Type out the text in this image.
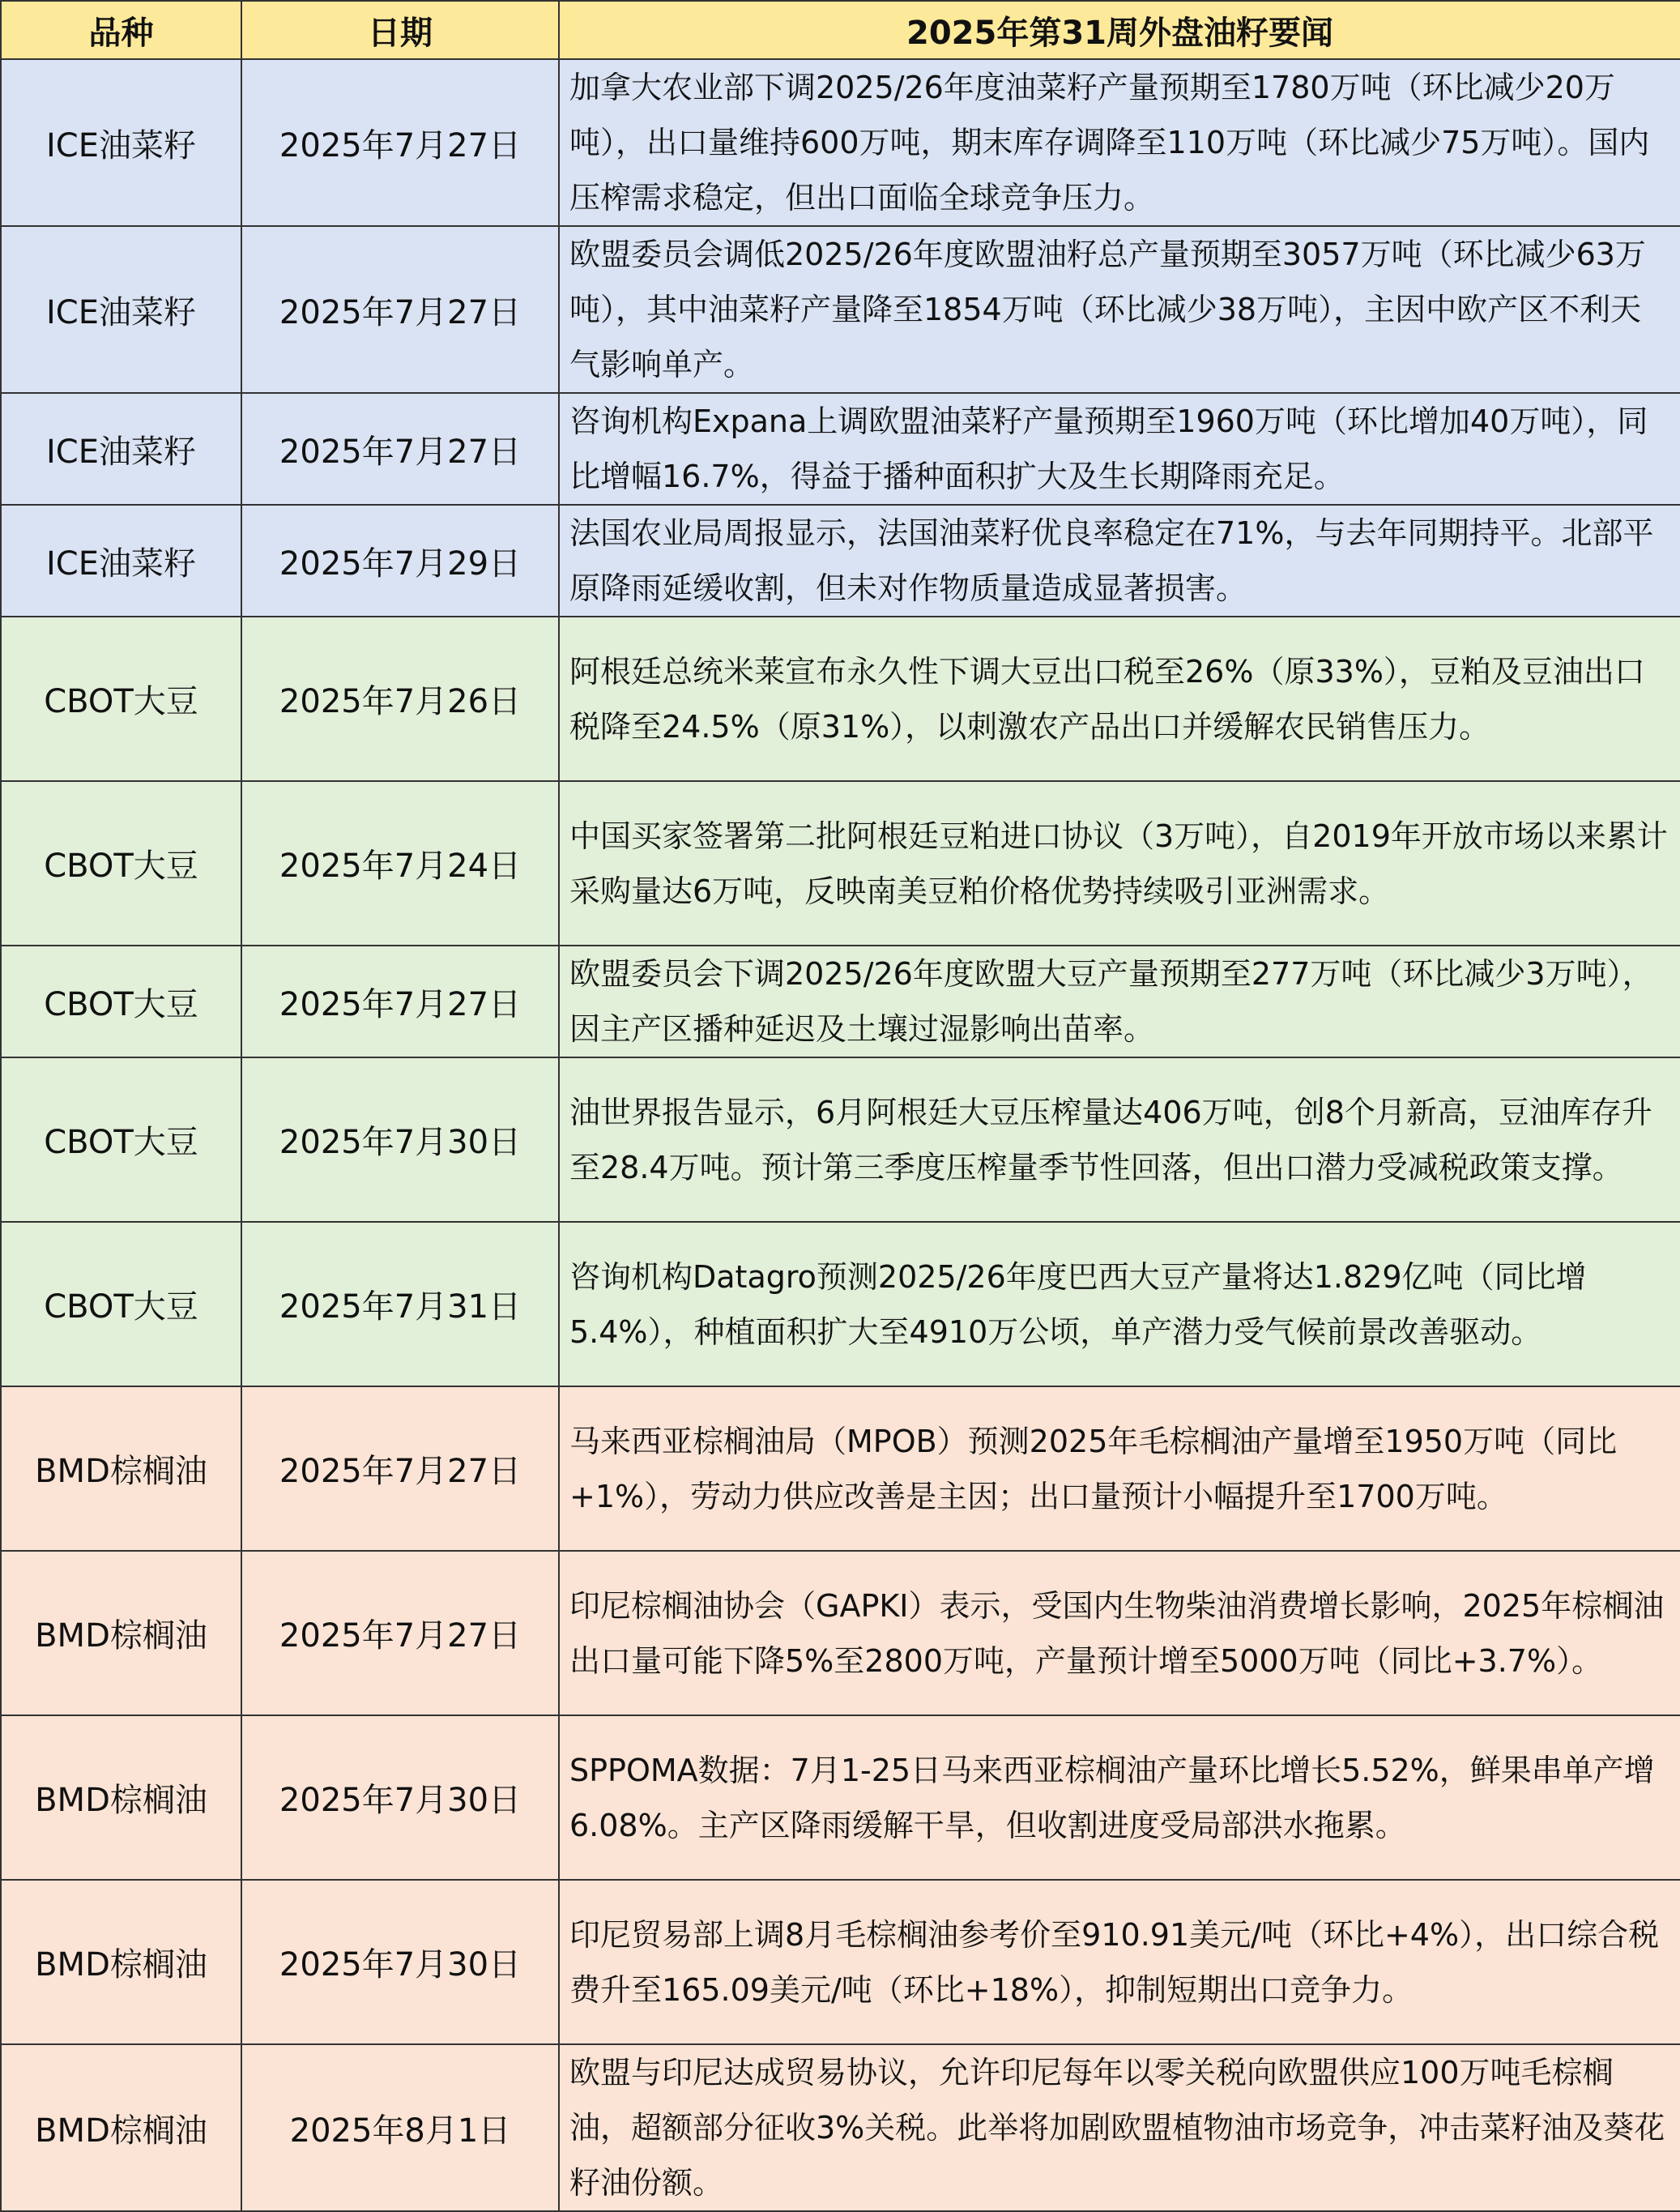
品种	日期	2025年第31周外盘油籽要闻
ICE油菜籽	2025年7月27日	加拿大农业部下调2025/26年度油菜籽产量预期至1780万吨（环比减少20万吨），出口量维持600万吨，期末库存调降至110万吨（环比减少75万吨）。国内压榨需求稳定，但出口面临全球竞争压力。
ICE油菜籽	2025年7月27日	欧盟委员会调低2025/26年度欧盟油籽总产量预期至3057万吨（环比减少63万吨），其中油菜籽产量降至1854万吨（环比减少38万吨），主因中欧产区不利天气影响单产。
ICE油菜籽	2025年7月27日	咨询机构Expana上调欧盟油菜籽产量预期至1960万吨（环比增加40万吨），同比增幅16.7%，得益于播种面积扩大及生长期降雨充足。
ICE油菜籽	2025年7月29日	法国农业局周报显示，法国油菜籽优良率稳定在71%，与去年同期持平。北部平原降雨延缓收割，但未对作物质量造成显著损害。
CBOT大豆	2025年7月26日	阿根廷总统米莱宣布永久性下调大豆出口税至26%（原33%），豆粕及豆油出口税降至24.5%（原31%），以刺激农产品出口并缓解农民销售压力。
CBOT大豆	2025年7月24日	中国买家签署第二批阿根廷豆粕进口协议（3万吨），自2019年开放市场以来累计采购量达6万吨，反映南美豆粕价格优势持续吸引亚洲需求。
CBOT大豆	2025年7月27日	欧盟委员会下调2025/26年度欧盟大豆产量预期至277万吨（环比减少3万吨），因主产区播种延迟及土壤过湿影响出苗率。
CBOT大豆	2025年7月30日	油世界报告显示，6月阿根廷大豆压榨量达406万吨，创8个月新高，豆油库存升至28.4万吨。预计第三季度压榨量季节性回落，但出口潜力受减税政策支撑。
CBOT大豆	2025年7月31日	咨询机构Datagro预测2025/26年度巴西大豆产量将达1.829亿吨（同比增5.4%），种植面积扩大至4910万公顷，单产潜力受气候前景改善驱动。
BMD棕榈油	2025年7月27日	马来西亚棕榈油局（MPOB）预测2025年毛棕榈油产量增至1950万吨（同比+1%），劳动力供应改善是主因；出口量预计小幅提升至1700万吨。
BMD棕榈油	2025年7月27日	印尼棕榈油协会（GAPKI）表示，受国内生物柴油消费增长影响，2025年棕榈油出口量可能下降5%至2800万吨，产量预计增至5000万吨（同比+3.7%）。
BMD棕榈油	2025年7月30日	SPPOMA数据：7月1-25日马来西亚棕榈油产量环比增长5.52%，鲜果串单产增6.08%。主产区降雨缓解干旱，但收割进度受局部洪水拖累。
BMD棕榈油	2025年7月30日	印尼贸易部上调8月毛棕榈油参考价至910.91美元/吨（环比+4%），出口综合税费升至165.09美元/吨（环比+18%），抑制短期出口竞争力。
BMD棕榈油	2025年8月1日	欧盟与印尼达成贸易协议，允许印尼每年以零关税向欧盟供应100万吨毛棕榈油，超额部分征收3%关税。此举将加剧欧盟植物油市场竞争，冲击菜籽油及葵花籽油份额。
